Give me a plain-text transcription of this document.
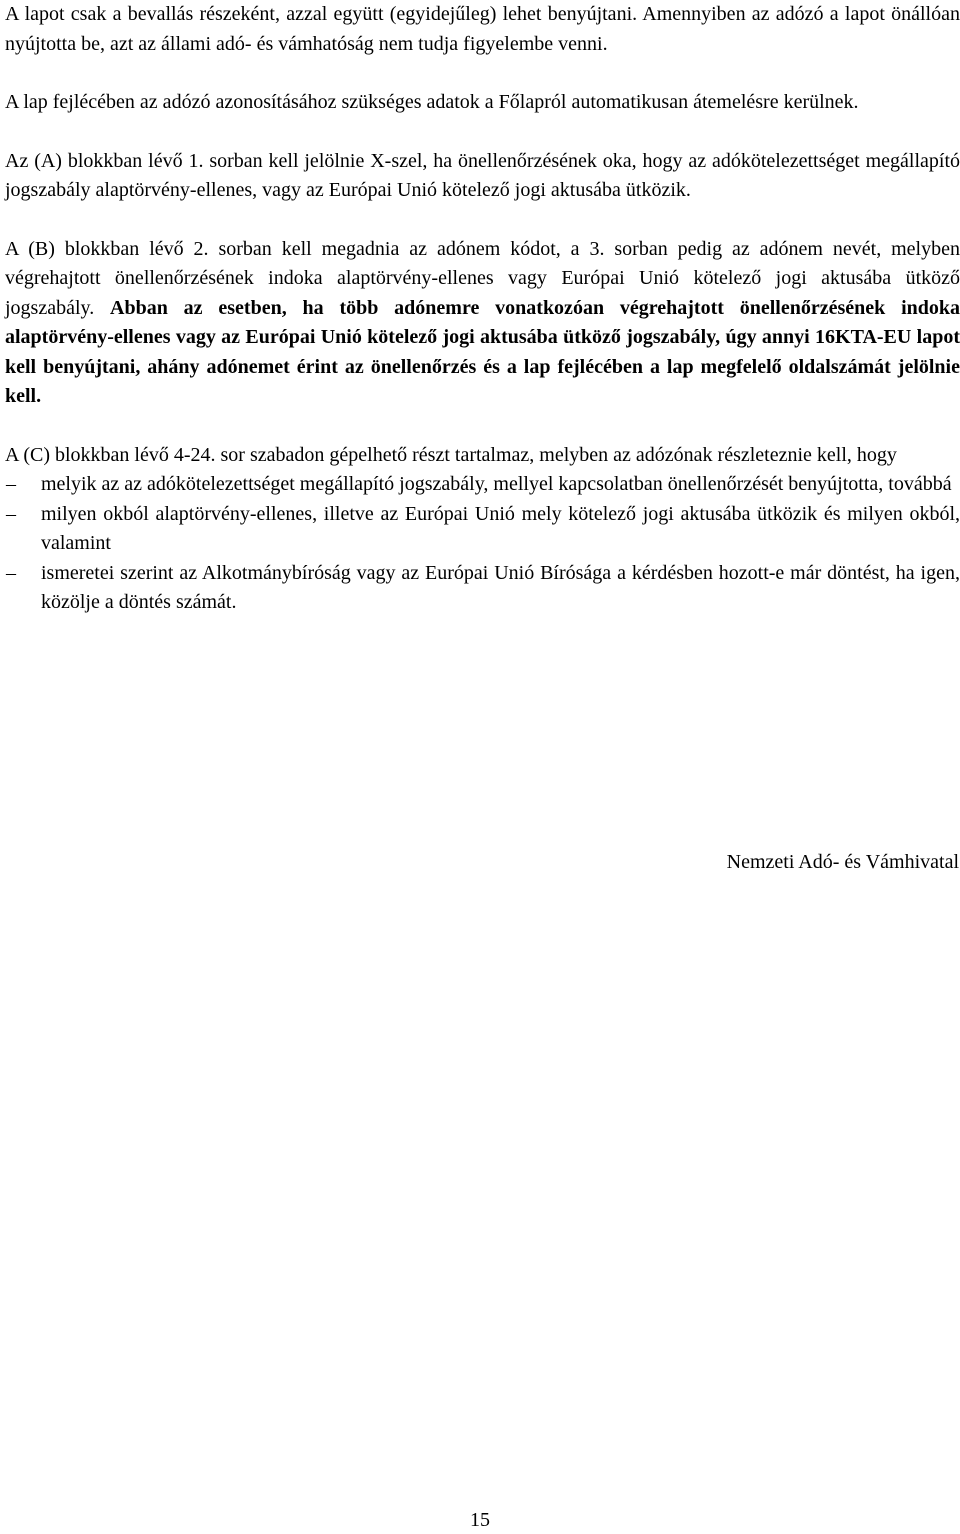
A lapot csak a bevallás részeként, azzal együtt (egyidejűleg) lehet benyújtani. Amennyiben az adózó a lapot önállóan nyújtotta be, azt az állami adó- és vámhatóság nem tudja figyelembe venni.

A lap fejlécében az adózó azonosításához szükséges adatok a Főlapról automatikusan átemelésre kerülnek.

Az (A) blokkban lévő 1. sorban kell jelölnie X-szel, ha önellenőrzésének oka, hogy az adókötelezettséget megállapító jogszabály alaptörvény-ellenes, vagy az Európai Unió kötelező jogi aktusába ütközik.

A (B) blokkban lévő 2. sorban kell megadnia az adónem kódot, a 3. sorban pedig az adónem nevét, melyben végrehajtott önellenőrzésének indoka alaptörvény-ellenes vagy Európai Unió kötelező jogi aktusába ütköző jogszabály. Abban az esetben, ha több adónemre vonatkozóan végrehajtott önellenőrzésének indoka alaptörvény-ellenes vagy az Európai Unió kötelező jogi aktusába ütköző jogszabály, úgy annyi 16KTA-EU lapot kell benyújtani, ahány adónemet érint az önellenőrzés és a lap fejlécében a lap megfelelő oldalszámát jelölnie kell.

A (C) blokkban lévő 4-24. sor szabadon gépelhető részt tartalmaz, melyben az adózónak részleteznie kell, hogy

– melyik az az adókötelezettséget megállapító jogszabály, mellyel kapcsolatban önellenőrzését benyújtotta, továbbá
– milyen okból alaptörvény-ellenes, illetve az Európai Unió mely kötelező jogi aktusába ütközik és milyen okból, valamint
– ismeretei szerint az Alkotmánybíróság vagy az Európai Unió Bírósága a kérdésben hozott-e már döntést, ha igen, közölje a döntés számát.
Nemzeti Adó- és Vámhivatal
15
